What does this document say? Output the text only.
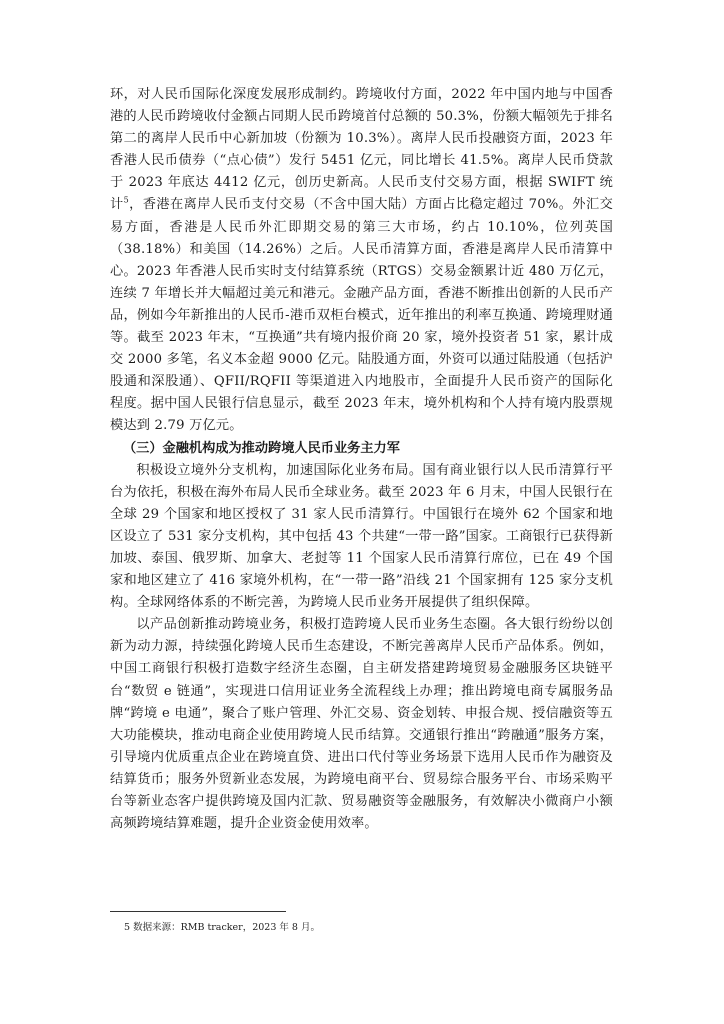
环，对人民币国际化深度发展形成制约。跨境收付方面，2022 年中国内地与中国香港的人民币跨境收付金额占同期人民币跨境首付总额的 50.3%，份额大幅领先于排名第二的离岸人民币中心新加坡（份额为 10.3%）。离岸人民币投融资方面，2023 年香港人民币债券（“点心债”）发行 5451 亿元，同比增长 41.5%。离岸人民币贷款于 2023 年底达 4412 亿元，创历史新高。人民币支付交易方面，根据 SWIFT 统计$^5$，香港在离岸人民币支付交易（不含中国大陆）方面占比稳定超过 70%。外汇交易方面，香港是人民币外汇即期交易的第三大市场，约占 10.10%，位列英国（38.18%）和美国（14.26%）之后。人民币清算方面，香港是离岸人民币清算中心。2023 年香港人民币实时支付结算系统（RTGS）交易金额累计近 480 万亿元，连续 7 年增长并大幅超过美元和港元。金融产品方面，香港不断推出创新的人民币产品，例如今年新推出的人民币-港币双柜台模式，近年推出的利率互换通、跨境理财通等。截至 2023 年末，“互换通”共有境内报价商 20 家，境外投资者 51 家，累计成交 2000 多笔，名义本金超 9000 亿元。陆股通方面，外资可以通过陆股通（包括沪股通和深股通）、QFII/RQFII 等渠道进入内地股市，全面提升人民币资产的国际化程度。据中国人民银行信息显示，截至 2023 年末，境外机构和个人持有境内股票规模达到 2.79 万亿元。

（三）金融机构成为推动跨境人民币业务主力军

积极设立境外分支机构，加速国际化业务布局。国有商业银行以人民币清算行平台为依托，积极在海外布局人民币全球业务。截至 2023 年 6 月末，中国人民银行在全球 29 个国家和地区授权了 31 家人民币清算行。中国银行在境外 62 个国家和地区设立了 531 家分支机构，其中包括 43 个共建“一带一路”国家。工商银行已获得新加坡、泰国、俄罗斯、加拿大、老挝等 11 个国家人民币清算行席位，已在 49 个国家和地区建立了 416 家境外机构，在“一带一路”沿线 21 个国家拥有 125 家分支机构。全球网络体系的不断完善，为跨境人民币业务开展提供了组织保障。

以产品创新推动跨境业务，积极打造跨境人民币业务生态圈。各大银行纷纷以创新为动力源，持续强化跨境人民币生态建设，不断完善离岸人民币产品体系。例如，中国工商银行积极打造数字经济生态圈，自主研发搭建跨境贸易金融服务区块链平台“数贸 e 链通”，实现进口信用证业务全流程线上办理；推出跨境电商专属服务品牌“跨境 e 电通”，聚合了账户管理、外汇交易、资金划转、申报合规、授信融资等五大功能模块，推动电商企业使用跨境人民币结算。交通银行推出“跨融通”服务方案，引导境内优质重点企业在跨境直贷、进出口代付等业务场景下选用人民币作为融资及结算货币；服务外贸新业态发展，为跨境电商平台、贸易综合服务平台、市场采购平台等新业态客户提供跨境及国内汇款、贸易融资等金融服务，有效解决小微商户小额高频跨境结算难题，提升企业资金使用效率。

5 数据来源：RMB tracker，2023 年 8 月。
